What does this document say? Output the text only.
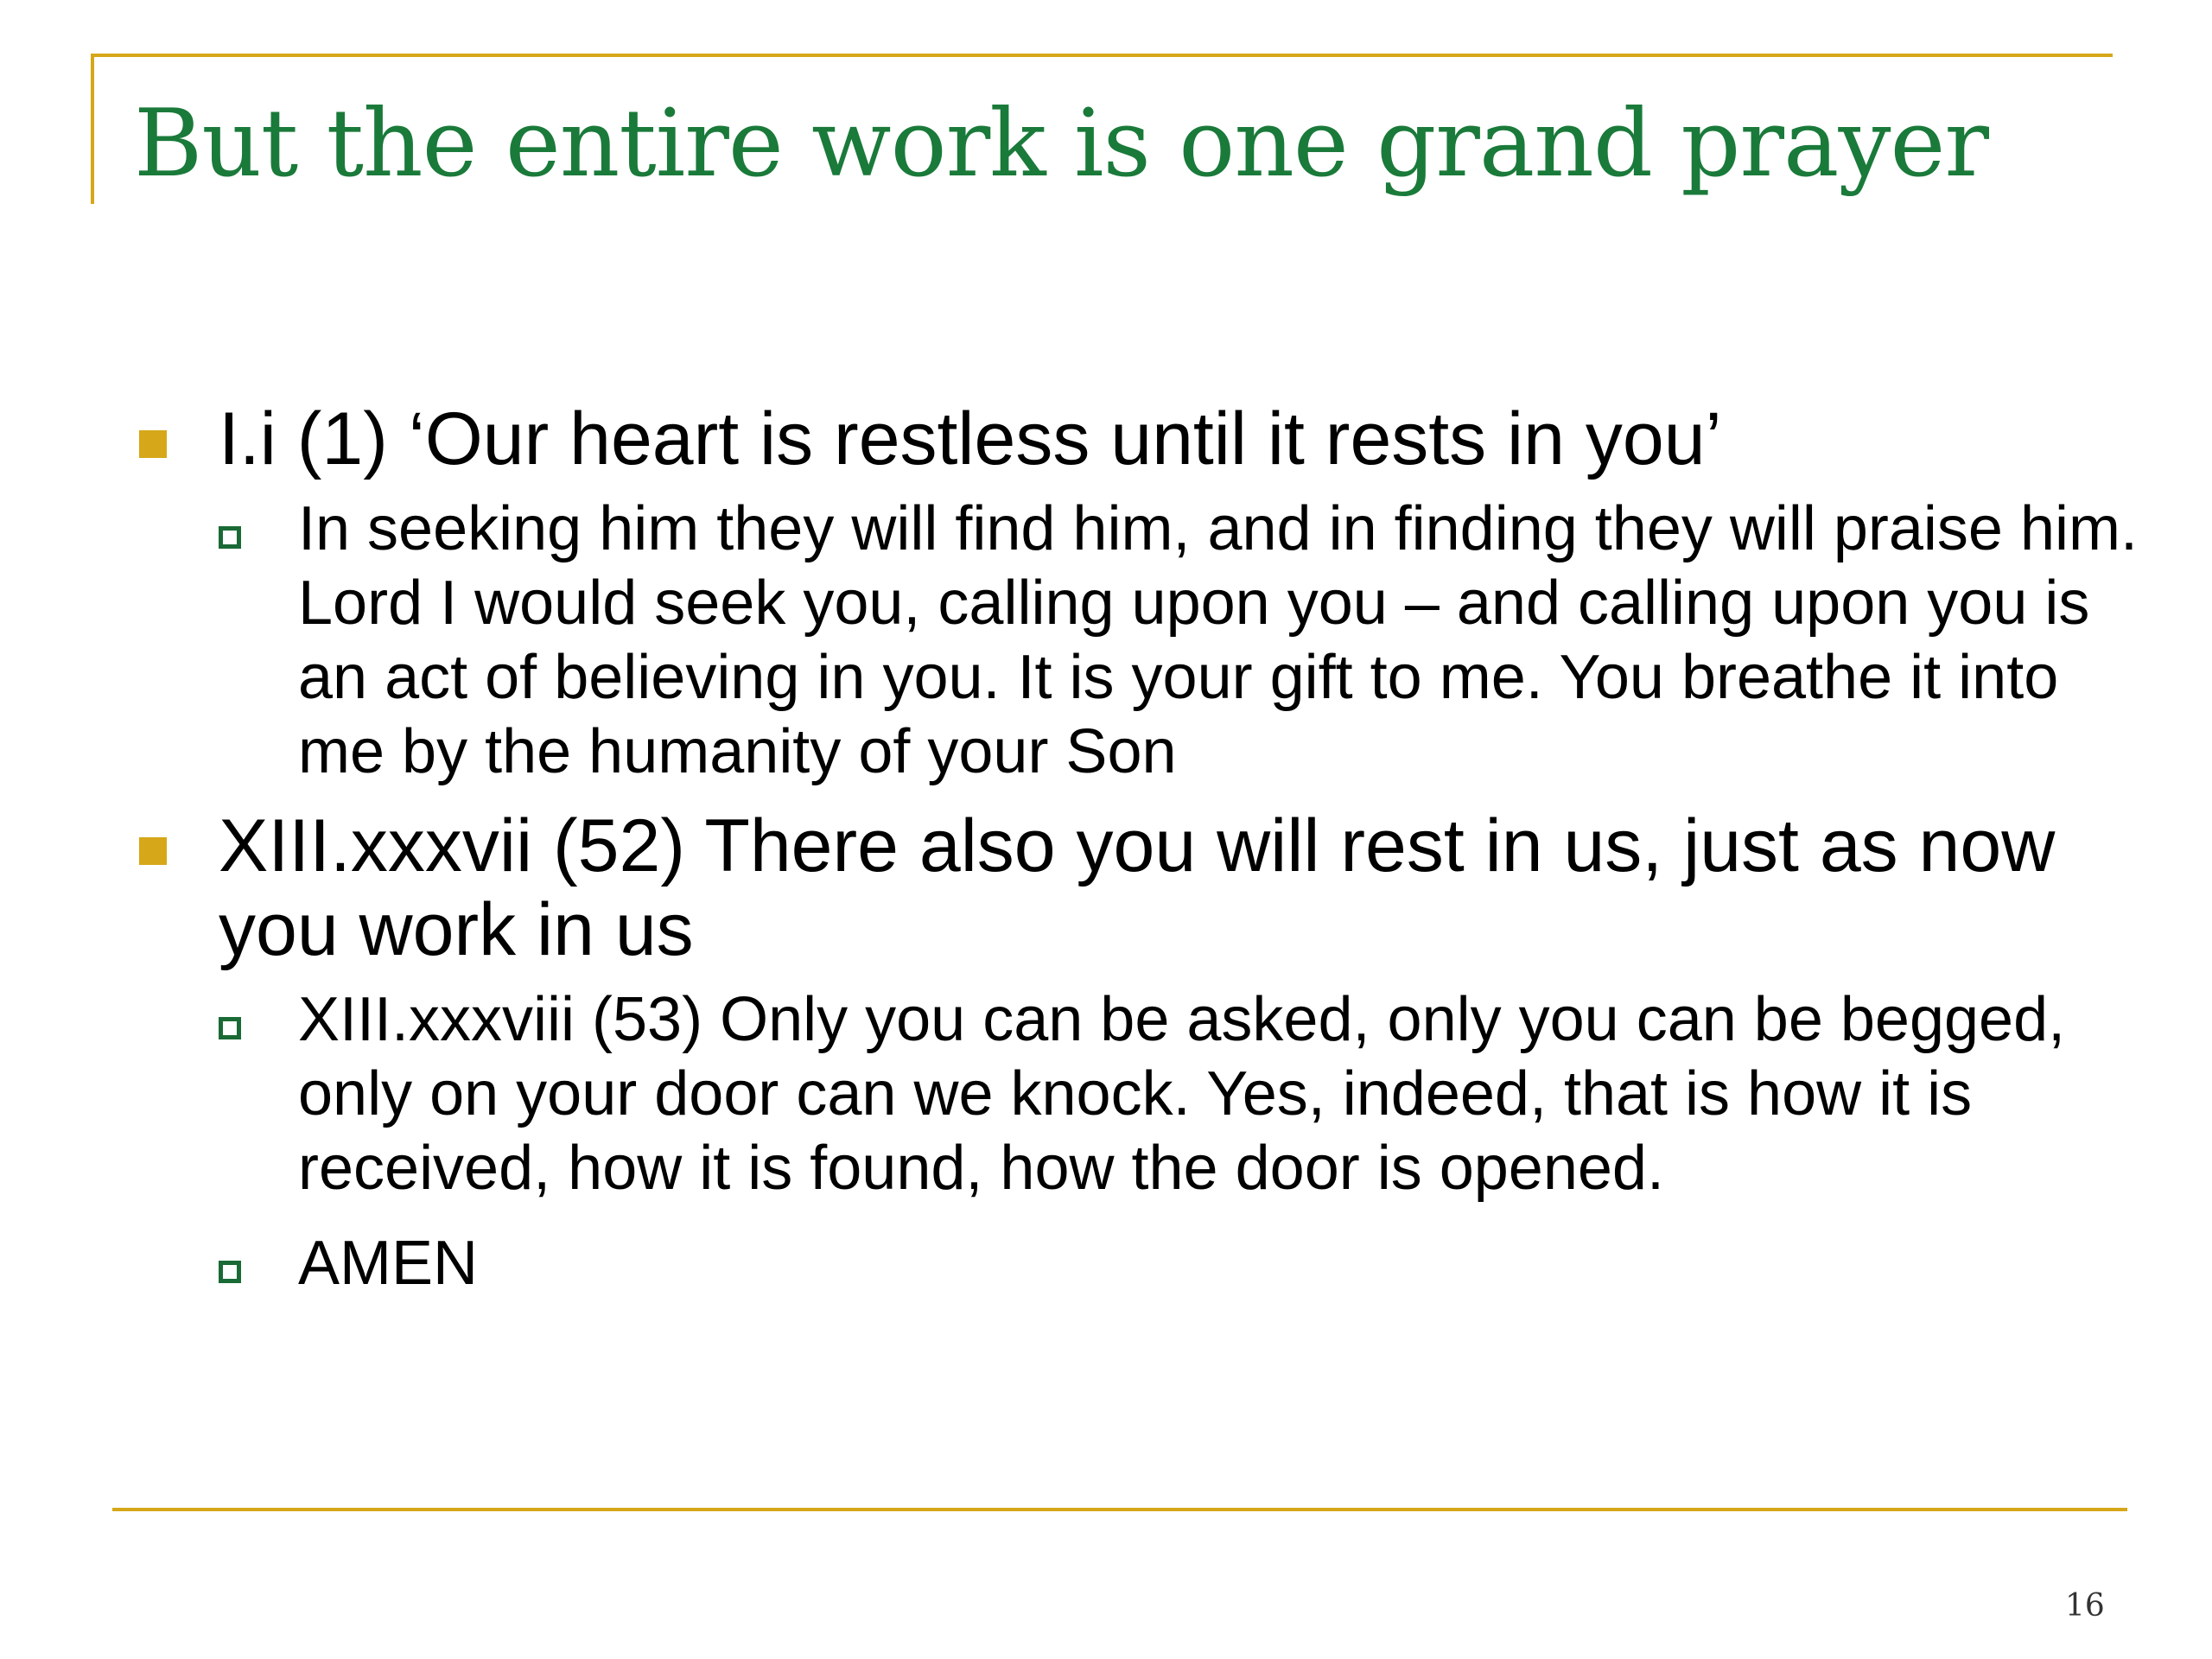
But the entire work is one grand prayer
I.i (1) ‘Our heart is restless until it rests in you’
In seeking him they will find him, and in finding they will praise him. Lord I would seek you, calling upon you – and calling upon you is an act of believing in you. It is your gift to me. You breathe it into me by the humanity of your Son
XIII.xxxvii (52) There also you will rest in us, just as now you work in us
XIII.xxxviii (53) Only you can be asked, only you can be begged, only on your door can we knock. Yes, indeed, that is how it is received, how it is found, how the door is opened.
AMEN
16
